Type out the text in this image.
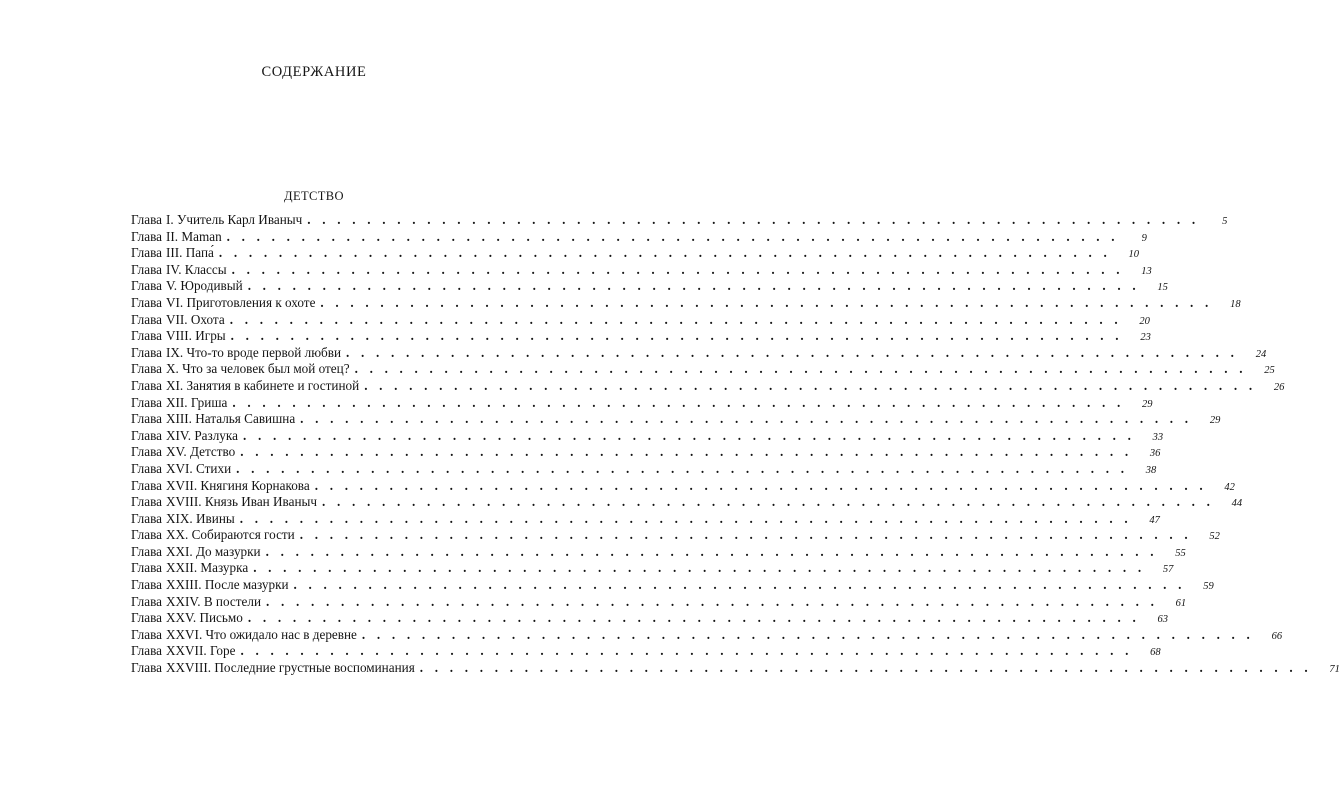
СОДЕРЖАНИЕ
ДЕТСТВО
Глава I. Учитель Карл Иваныч . . . . . . . . . . . . . . . . . . . . . . . . . . . . . . . . . . . . . . . . . . . . . . . . . . . . . . . . . . . .	5
Глава II. Maman . . . . . . . . . . . . . . . . . . . . . . . . . . . . . . . . . . . . . . . . . . . . . . . . . . . . . . . . . . . .	9
Глава III. Папа́ . . . . . . . . . . . . . . . . . . . . . . . . . . . . . . . . . . . . . . . . . . . . . . . . . . . . . . . . . . . .	10
Глава IV. Классы . . . . . . . . . . . . . . . . . . . . . . . . . . . . . . . . . . . . . . . . . . . . . . . . . . . . . . . . . . . .	13
Глава V. Юродивый . . . . . . . . . . . . . . . . . . . . . . . . . . . . . . . . . . . . . . . . . . . . . . . . . . . . . . . . . . . .	15
Глава VI. Приготовления к охоте . . . . . . . . . . . . . . . . . . . . . . . . . . . . . . . . . . . . . . . . . . . . . . . . . . . . . . . . . . . .	18
Глава VII. Охота . . . . . . . . . . . . . . . . . . . . . . . . . . . . . . . . . . . . . . . . . . . . . . . . . . . . . . . . . . . .	20
Глава VIII. Игры . . . . . . . . . . . . . . . . . . . . . . . . . . . . . . . . . . . . . . . . . . . . . . . . . . . . . . . . . . . .	23
Глава IX. Что-то вроде первой любви . . . . . . . . . . . . . . . . . . . . . . . . . . . . . . . . . . . . . . . . . . . . . . . . . . . . . . . . . . . .	24
Глава X. Что за человек был мой отец? . . . . . . . . . . . . . . . . . . . . . . . . . . . . . . . . . . . . . . . . . . . . . . . . . . . . . . . . . . . .	25
Глава XI. Занятия в кабинете и гостиной . . . . . . . . . . . . . . . . . . . . . . . . . . . . . . . . . . . . . . . . . . . . . . . . . . . . . . . . . . . .	26
Глава XII. Гриша . . . . . . . . . . . . . . . . . . . . . . . . . . . . . . . . . . . . . . . . . . . . . . . . . . . . . . . . . . . .	29
Глава XIII. Наталья Савишна . . . . . . . . . . . . . . . . . . . . . . . . . . . . . . . . . . . . . . . . . . . . . . . . . . . . . . . . . . . .	29
Глава XIV. Разлука . . . . . . . . . . . . . . . . . . . . . . . . . . . . . . . . . . . . . . . . . . . . . . . . . . . . . . . . . . . .	33
Глава XV. Детство . . . . . . . . . . . . . . . . . . . . . . . . . . . . . . . . . . . . . . . . . . . . . . . . . . . . . . . . . . . .	36
Глава XVI. Стихи . . . . . . . . . . . . . . . . . . . . . . . . . . . . . . . . . . . . . . . . . . . . . . . . . . . . . . . . . . . .	38
Глава XVII. Княгиня Корнакова . . . . . . . . . . . . . . . . . . . . . . . . . . . . . . . . . . . . . . . . . . . . . . . . . . . . . . . . . . . .	42
Глава XVIII. Князь Иван Иваныч . . . . . . . . . . . . . . . . . . . . . . . . . . . . . . . . . . . . . . . . . . . . . . . . . . . . . . . . . . . .	44
Глава XIX. Ивины . . . . . . . . . . . . . . . . . . . . . . . . . . . . . . . . . . . . . . . . . . . . . . . . . . . . . . . . . . . .	47
Глава XX. Собираются гости . . . . . . . . . . . . . . . . . . . . . . . . . . . . . . . . . . . . . . . . . . . . . . . . . . . . . . . . . . . .	52
Глава XXI. До мазурки . . . . . . . . . . . . . . . . . . . . . . . . . . . . . . . . . . . . . . . . . . . . . . . . . . . . . . . . . . . .	55
Глава XXII. Мазурка . . . . . . . . . . . . . . . . . . . . . . . . . . . . . . . . . . . . . . . . . . . . . . . . . . . . . . . . . . . .	57
Глава XXIII. После мазурки . . . . . . . . . . . . . . . . . . . . . . . . . . . . . . . . . . . . . . . . . . . . . . . . . . . . . . . . . . . .	59
Глава XXIV. В постели . . . . . . . . . . . . . . . . . . . . . . . . . . . . . . . . . . . . . . . . . . . . . . . . . . . . . . . . . . . .	61
Глава XXV. Письмо . . . . . . . . . . . . . . . . . . . . . . . . . . . . . . . . . . . . . . . . . . . . . . . . . . . . . . . . . . . .	63
Глава XXVI. Что ожидало нас в деревне . . . . . . . . . . . . . . . . . . . . . . . . . . . . . . . . . . . . . . . . . . . . . . . . . . . . . . . . . . . .	66
Глава XXVII. Горе . . . . . . . . . . . . . . . . . . . . . . . . . . . . . . . . . . . . . . . . . . . . . . . . . . . . . . . . . . . .	68
Глава XXVIII. Последние грустные воспоминания . . . . . . . . . . . . . . . . . . . . . . . . . . . . . . . . . . . . . . . . . . . . . . . . . . . . . . . . . . . .	71
